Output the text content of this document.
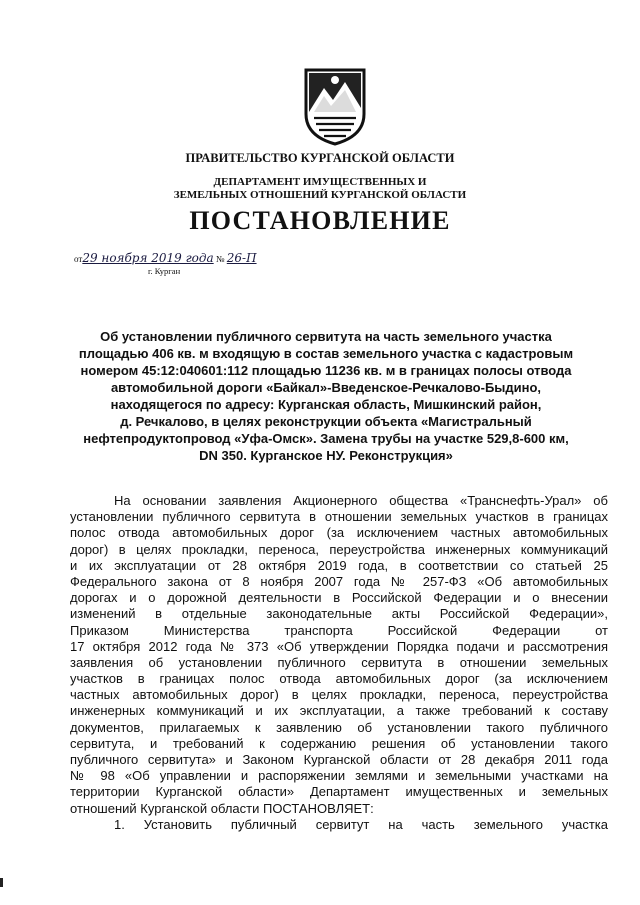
ПРАВИТЕЛЬСТВО КУРГАНСКОЙ ОБЛАСТИ
ДЕПАРТАМЕНТ ИМУЩЕСТВЕННЫХ И
ЗЕМЕЛЬНЫХ ОТНОШЕНИЙ КУРГАНСКОЙ ОБЛАСТИ
ПОСТАНОВЛЕНИЕ
от29 ноября 2019 года № 26-П
г. Курган
Об установлении публичного сервитута на часть земельного участка
площадью 406 кв. м входящую в состав земельного участка с кадастровым
номером 45:12:040601:112 площадью 11236 кв. м в границах полосы отвода
автомобильной дороги «Байкал»-Введенское-Речкалово-Быдино,
находящегося по адресу: Курганская область, Мишкинский район,
д. Речкалово, в целях реконструкции объекта «Магистральный
нефтепродуктопровод «Уфа-Омск». Замена трубы на участке 529,8-600 км,
DN 350. Курганское НУ. Реконструкция»
На основании заявления Акционерного общества «Транснефть-Урал» об
установлении публичного сервитута в отношении земельных участков в границах
полос отвода автомобильных дорог (за исключением частных автомобильных
дорог) в целях прокладки, переноса, переустройства инженерных коммуникаций
и их эксплуатации от 28 октября 2019 года, в соответствии со статьей 25
Федерального закона от 8 ноября 2007 года № 257-ФЗ «Об автомобильных
дорогах и о дорожной деятельности в Российской Федерации и о внесении
изменений в отдельные законодательные акты Российской Федерации»,
Приказом Министерства транспорта Российской Федерации от
17 октября 2012 года № 373 «Об утверждении Порядка подачи и рассмотрения
заявления об установлении публичного сервитута в отношении земельных
участков в границах полос отвода автомобильных дорог (за исключением
частных автомобильных дорог) в целях прокладки, переноса, переустройства
инженерных коммуникаций и их эксплуатации, а также требований к составу
документов, прилагаемых к заявлению об установлении такого публичного
сервитута, и требований к содержанию решения об установлении такого
публичного сервитута» и Законом Курганской области от 28 декабря 2011 года
№ 98 «Об управлении и распоряжении землями и земельными участками на
территории Курганской области» Департамент имущественных и земельных
отношений Курганской области ПОСТАНОВЛЯЕТ:
1. Установить публичный сервитут на часть земельного участка
